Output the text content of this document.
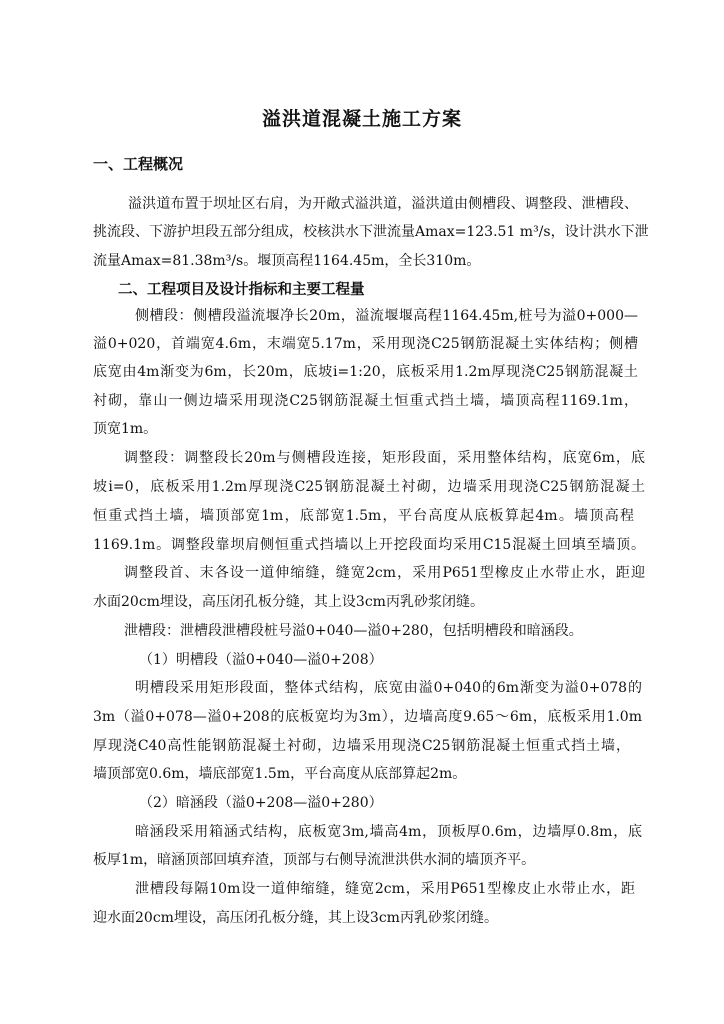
溢洪道混凝土施工方案
一、工程概况
溢洪道布置于坝址区右肩，为开敞式溢洪道，溢洪道由侧槽段、调整段、泄槽段、
挑流段、下游护坦段五部分组成，校核洪水下泄流量Amax=123.51 m³/s，设计洪水下泄
流量Amax=81.38m³/s。堰顶高程1164.45m，全长310m。
二、工程项目及设计指标和主要工程量
侧槽段：侧槽段溢流堰净长20m，溢流堰堰高程1164.45m,桩号为溢0+000—
溢0+020，首端宽4.6m，末端宽5.17m，采用现浇C25钢筋混凝土实体结构；侧槽
底宽由4m渐变为6m，长20m，底坡i=1:20，底板采用1.2m厚现浇C25钢筋混凝土
衬砌，靠山一侧边墙采用现浇C25钢筋混凝土恒重式挡土墙，墙顶高程1169.1m，
顶宽1m。
调整段：调整段长20m与侧槽段连接，矩形段面，采用整体结构，底宽6m，底
坡i=0，底板采用1.2m厚现浇C25钢筋混凝土衬砌，边墙采用现浇C25钢筋混凝土
恒重式挡土墙，墙顶部宽1m，底部宽1.5m，平台高度从底板算起4m。墙顶高程
1169.1m。调整段靠坝肩侧恒重式挡墙以上开挖段面均采用C15混凝土回填至墙顶。
调整段首、末各设一道伸缩缝，缝宽2cm，采用P651型橡皮止水带止水，距迎
水面20cm埋设，高压闭孔板分缝，其上设3cm丙乳砂浆闭缝。
泄槽段：泄槽段泄槽段桩号溢0+040—溢0+280，包括明槽段和暗涵段。
（1）明槽段（溢0+040—溢0+208）
明槽段采用矩形段面，整体式结构，底宽由溢0+040的6m渐变为溢0+078的
3m（溢0+078—溢0+208的底板宽均为3m），边墙高度9.65～6m，底板采用1.0m
厚现浇C40高性能钢筋混凝土衬砌，边墙采用现浇C25钢筋混凝土恒重式挡土墙，
墙顶部宽0.6m，墙底部宽1.5m，平台高度从底部算起2m。
（2）暗涵段（溢0+208—溢0+280）
暗涵段采用箱涵式结构，底板宽3m,墙高4m，顶板厚0.6m，边墙厚0.8m，底
板厚1m，暗涵顶部回填弃渣，顶部与右侧导流泄洪供水洞的墙顶齐平。
泄槽段每隔10m设一道伸缩缝，缝宽2cm，采用P651型橡皮止水带止水，距
迎水面20cm埋设，高压闭孔板分缝，其上设3cm丙乳砂浆闭缝。
